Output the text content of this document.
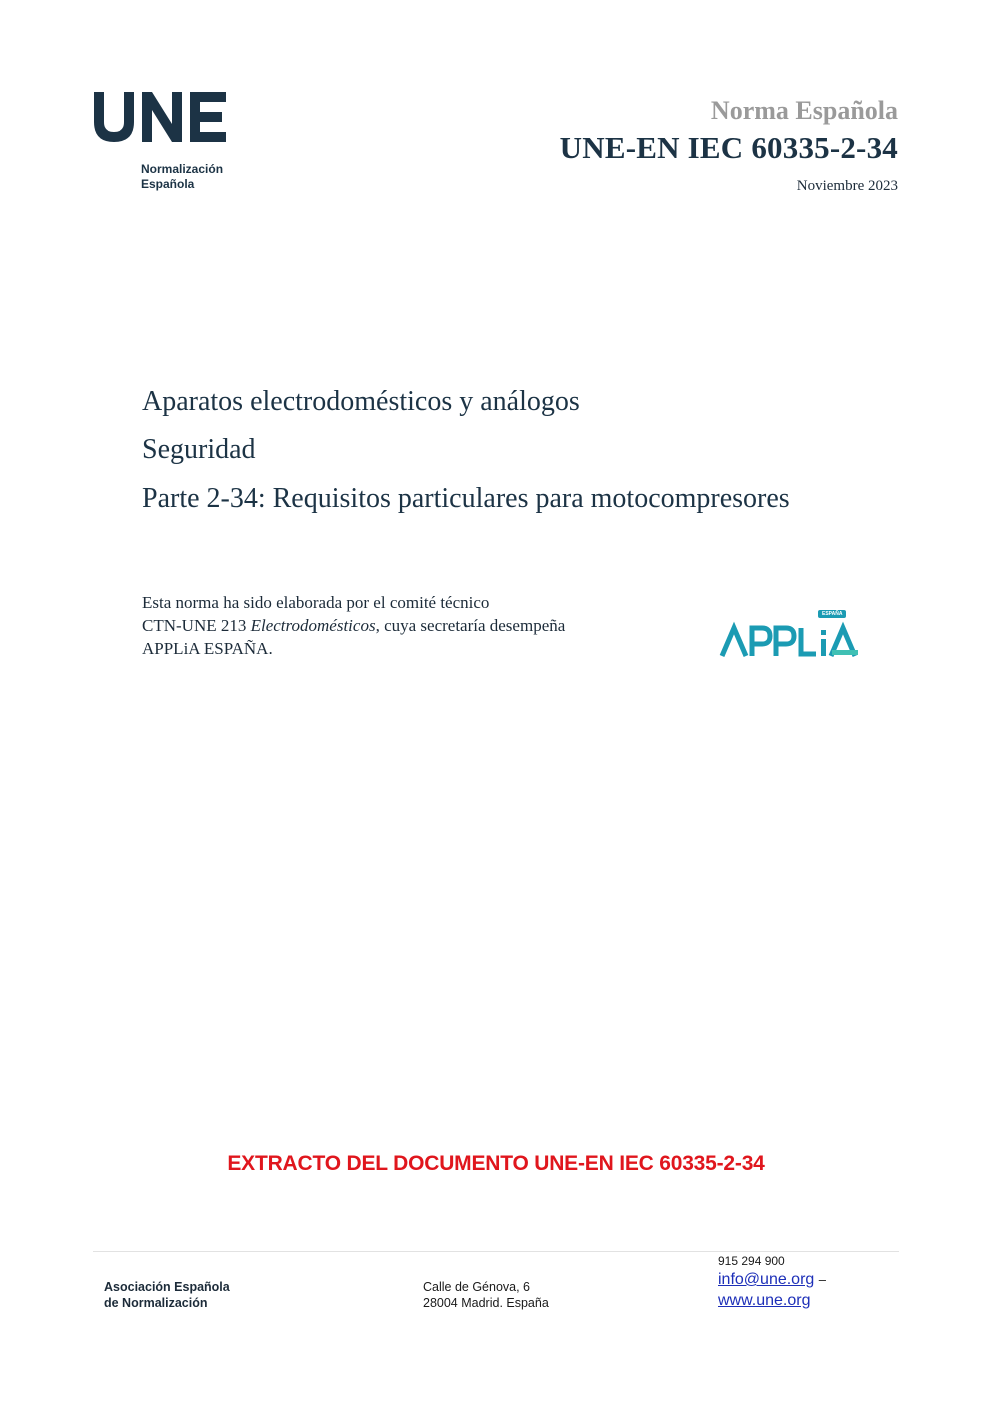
Normalización
Española
Norma Española
UNE-EN IEC 60335-2-34
Noviembre 2023
Aparatos electrodomésticos y análogos
Seguridad
Parte 2-34: Requisitos particulares para motocompresores
Esta norma ha sido elaborada por el comité técnico
CTN-UNE 213 Electrodomésticos, cuya secretaría desempeña
APPLiA ESPAÑA.
ESPAÑA
EXTRACTO DEL DOCUMENTO UNE-EN IEC 60335-2-34
Asociación Española
de Normalización
Calle de Génova, 6
28004 Madrid. España
915 294 900
info@une.org –
www.une.org
